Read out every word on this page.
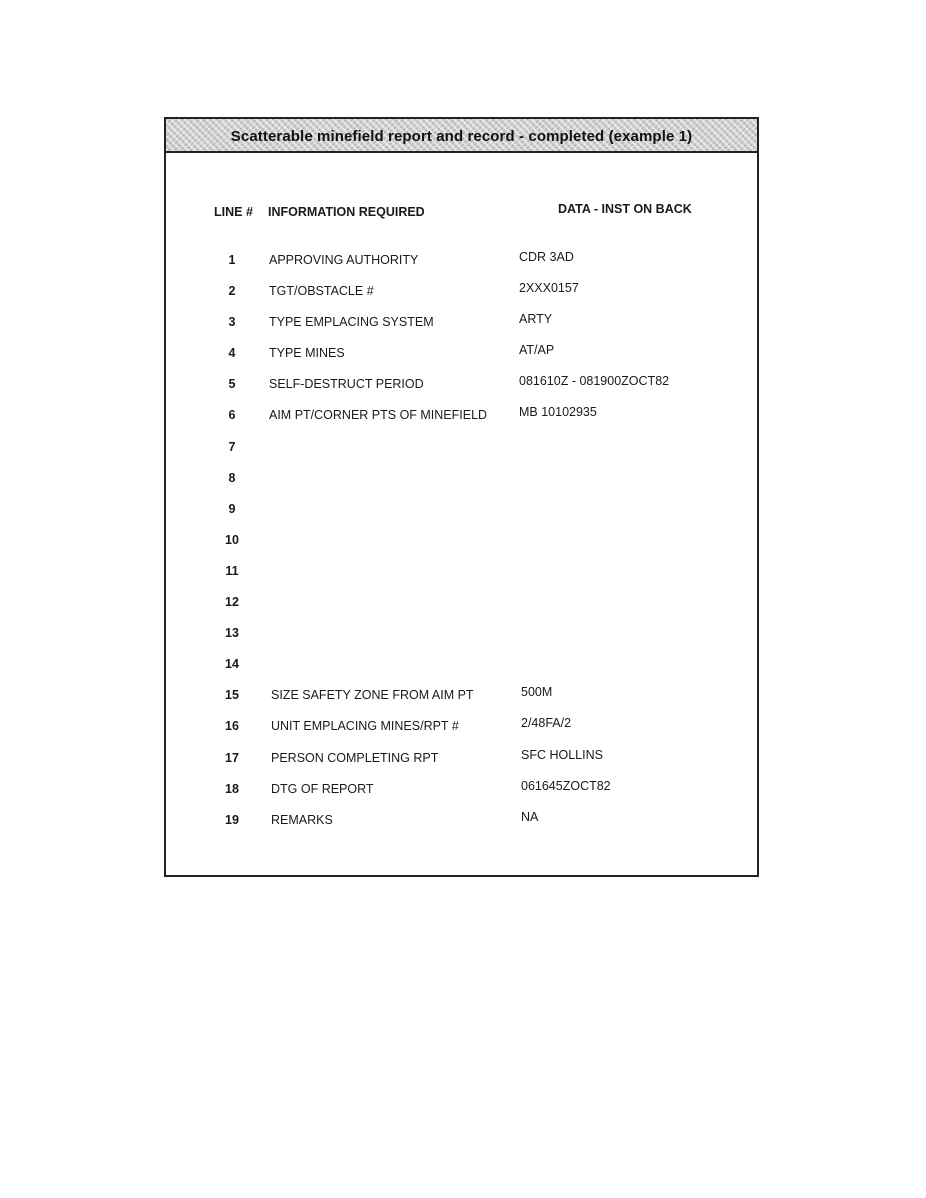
Scatterable minefield report and record - completed (example 1)
LINE # INFORMATION REQUIRED	DATA - INST ON BACK
1	APPROVING AUTHORITY	CDR 3AD
2	TGT/OBSTACLE #	2XXX0157
3	TYPE EMPLACING SYSTEM	ARTY
4	TYPE MINES	AT/AP
5	SELF-DESTRUCT PERIOD	081610Z - 081900ZOCT82
6	AIM PT/CORNER PTS OF MINEFIELD	MB 10102935
7
8
9
10
11
12
13
14
15	SIZE SAFETY ZONE FROM AIM PT	500M
16	UNIT EMPLACING MINES/RPT #	2/48FA/2
17	PERSON COMPLETING RPT	SFC HOLLINS
18	DTG OF REPORT	061645ZOCT82
19	REMARKS	NA
